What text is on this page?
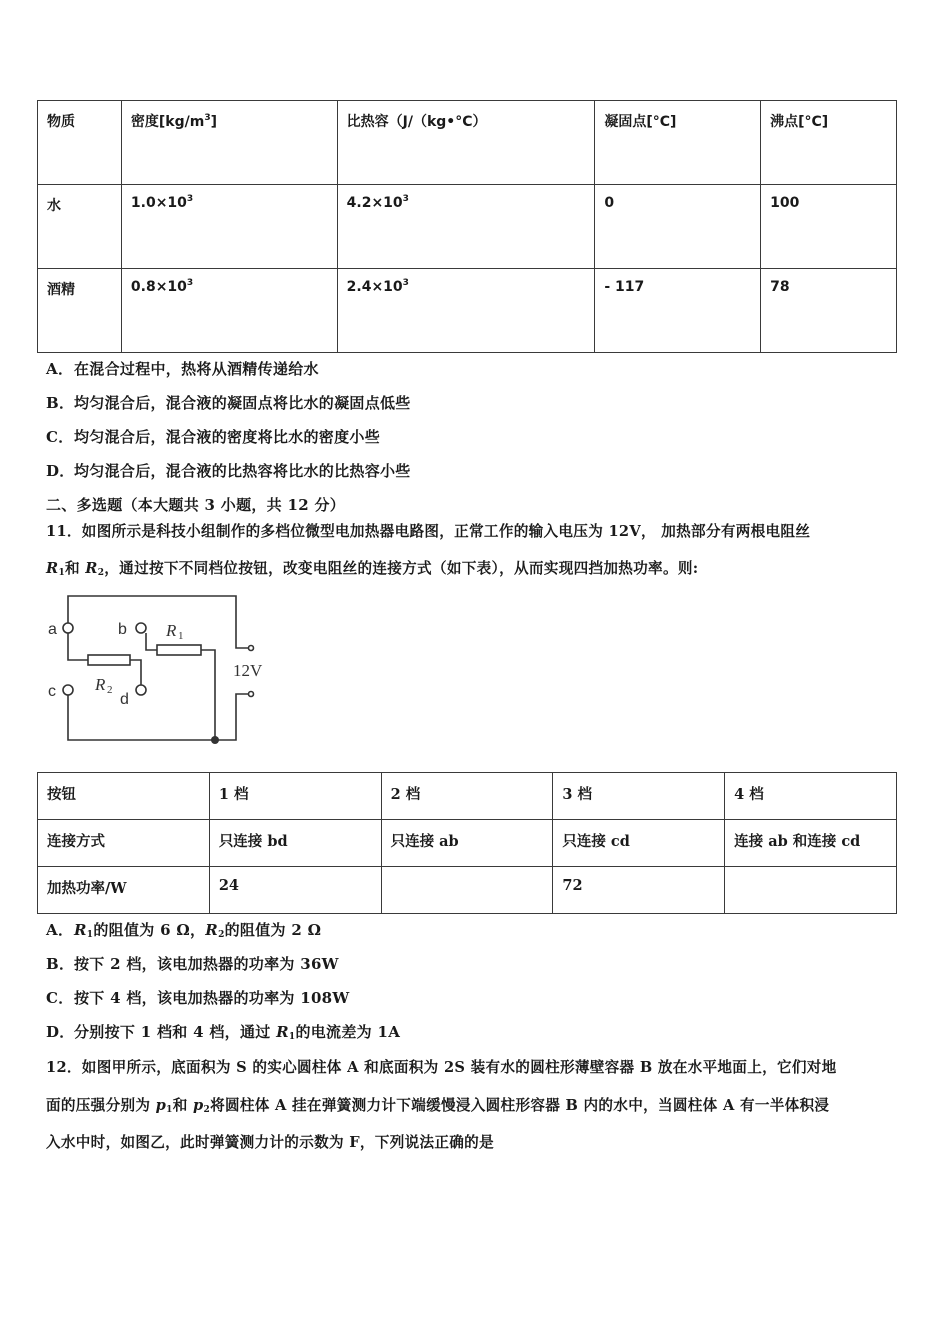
物质	密度$[kg/m^3]$	比热容（J/（kg•°C）	凝固点[°C]	沸点[°C]
水	$1.0\times 10^3$	$4.2\times 10^3$	0	100
酒精	$0.8\times 10^3$	$2.4\times 10^3$	- 117	78
A．在混合过程中，热将从酒精传递给水
B．均匀混合后，混合液的凝固点将比水的凝固点低些
C．均匀混合后，混合液的密度将比水的密度小些
D．均匀混合后，混合液的比热容将比水的比热容小些
二、多选题（本大题共 3 小题，共 12 分）
11．如图所示是科技小组制作的多档位微型电加热器电路图，正常工作的输入电压为 12V， 加热部分有两根电阻丝
$R_1$和 $R_2$，通过按下不同档位按钮，改变电阻丝的连接方式（如下表），从而实现四挡加热功率。则:
a	b
c	d
R
R
1
2
12V
按钮	1 档	2 档	3 档	4 档
连接方式	只连接 bd	只连接 ab	只连接 cd	连接 ab 和连接 cd
加热功率/W	24		72	
A．$R_1$的阻值为 6 Ω，$R_2$的阻值为 2 Ω
B．按下 2 档，该电加热器的功率为 36W
C．按下 4 档，该电加热器的功率为 108W
D．分别按下 1 档和 4 档，通过 $R_1$的电流差为 1A
12．如图甲所示，底面积为 S 的实心圆柱体 A 和底面积为 2S 装有水的圆柱形薄壁容器 B 放在水平地面上，它们对地
面的压强分别为 $p_1$和 $p_2$将圆柱体 A 挂在弹簧测力计下端缓慢浸入圆柱形容器 B 内的水中，当圆柱体 A 有一半体积浸
入水中时，如图乙，此时弹簧测力计的示数为 F，下列说法正确的是
